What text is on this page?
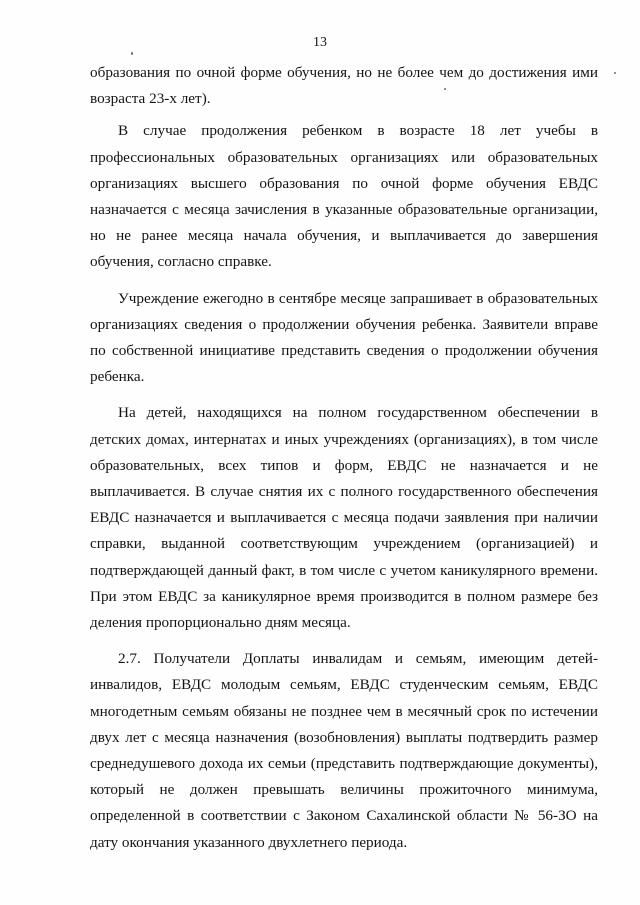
13

образования по очной форме обучения, но не более чем до достижения ими возраста 23-х лет).

В случае продолжения ребенком в возрасте 18 лет учебы в профессиональных образовательных организациях или образовательных организациях высшего образования по очной форме обучения ЕВДС назначается с месяца зачисления в указанные образовательные организации, но не ранее месяца начала обучения, и выплачивается до завершения обучения, согласно справке.

Учреждение ежегодно в сентябре месяце запрашивает в образовательных организациях сведения о продолжении обучения ребенка. Заявители вправе по собственной инициативе представить сведения о продолжении обучения ребенка.

На детей, находящихся на полном государственном обеспечении в детских домах, интернатах и иных учреждениях (организациях), в том числе образовательных, всех типов и форм, ЕВДС не назначается и не выплачивается. В случае снятия их с полного государственного обеспечения ЕВДС назначается и выплачивается с месяца подачи заявления при наличии справки, выданной соответствующим учреждением (организацией) и подтверждающей данный факт, в том числе с учетом каникулярного времени. При этом ЕВДС за каникулярное время производится в полном размере без деления пропорционально дням месяца.

2.7. Получатели Доплаты инвалидам и семьям, имеющим детей-инвалидов, ЕВДС молодым семьям, ЕВДС студенческим семьям, ЕВДС многодетным семьям обязаны не позднее чем в месячный срок по истечении двух лет с месяца назначения (возобновления) выплаты подтвердить размер среднедушевого дохода их семьи (представить подтверждающие документы), который не должен превышать величины прожиточного минимума, определенной в соответствии с Законом Сахалинской области № 56-ЗО на дату окончания указанного двухлетнего периода.
